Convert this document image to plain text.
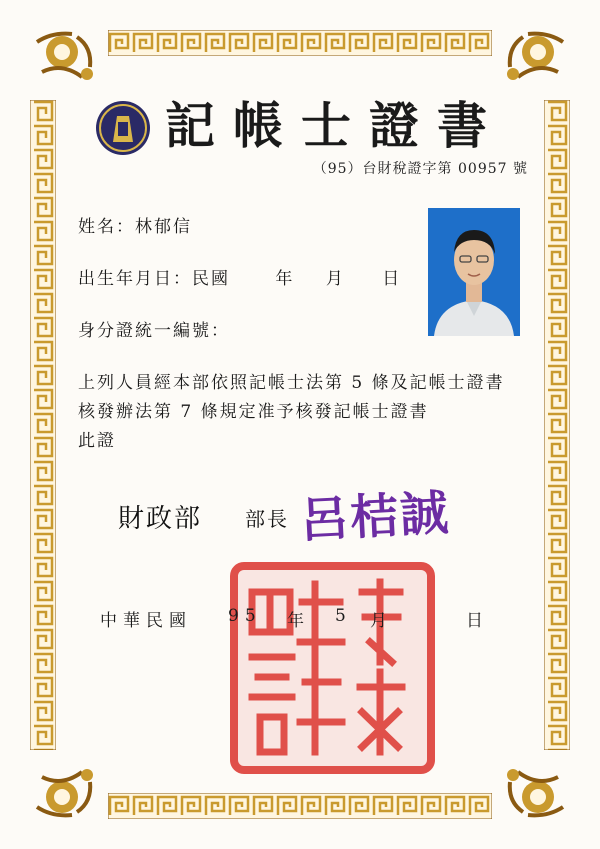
記帳士證書
（95）台財稅證字第 00957 號
姓名：林郁信
出生年月日：民國	年 月 日
身分證統一編號：
上列人員經本部依照記帳士法第 5 條及記帳士證書
核發辦法第 7 條規定准予核發記帳士證書
此證
財政部 部長 呂桔誠
中華民國 95 年 5 月	日
